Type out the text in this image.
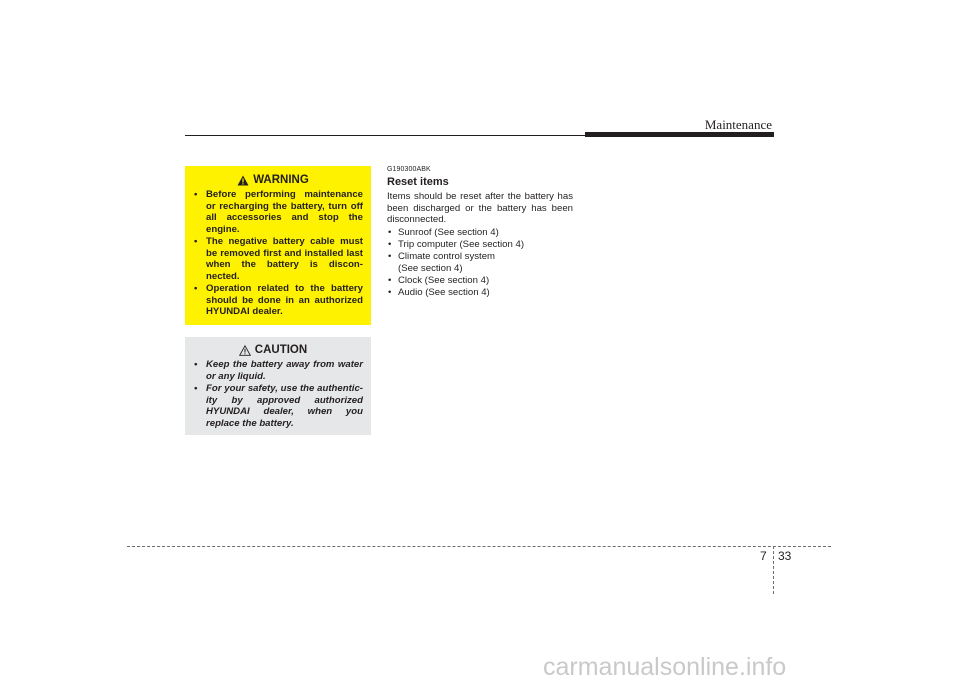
Maintenance
WARNING
• Before performing maintenance or recharging the battery, turn off all accessories and stop the engine.
• The negative battery cable must be removed first and installed last when the battery is discon-nected.
• Operation related to the battery should be done in an authorized HYUNDAI dealer.
CAUTION
• Keep the battery away from water or any liquid.
• For your safety, use the authentic-ity by approved authorized HYUNDAI dealer, when you replace the battery.
G190300ABK
Reset items

Items should be reset after the battery has been discharged or the battery has been disconnected.

• Sunroof (See section 4)
• Trip computer (See section 4)
• Climate control system
(See section 4)
• Clock (See section 4)
• Audio (See section 4)
7 33
carmanualsonline.info
